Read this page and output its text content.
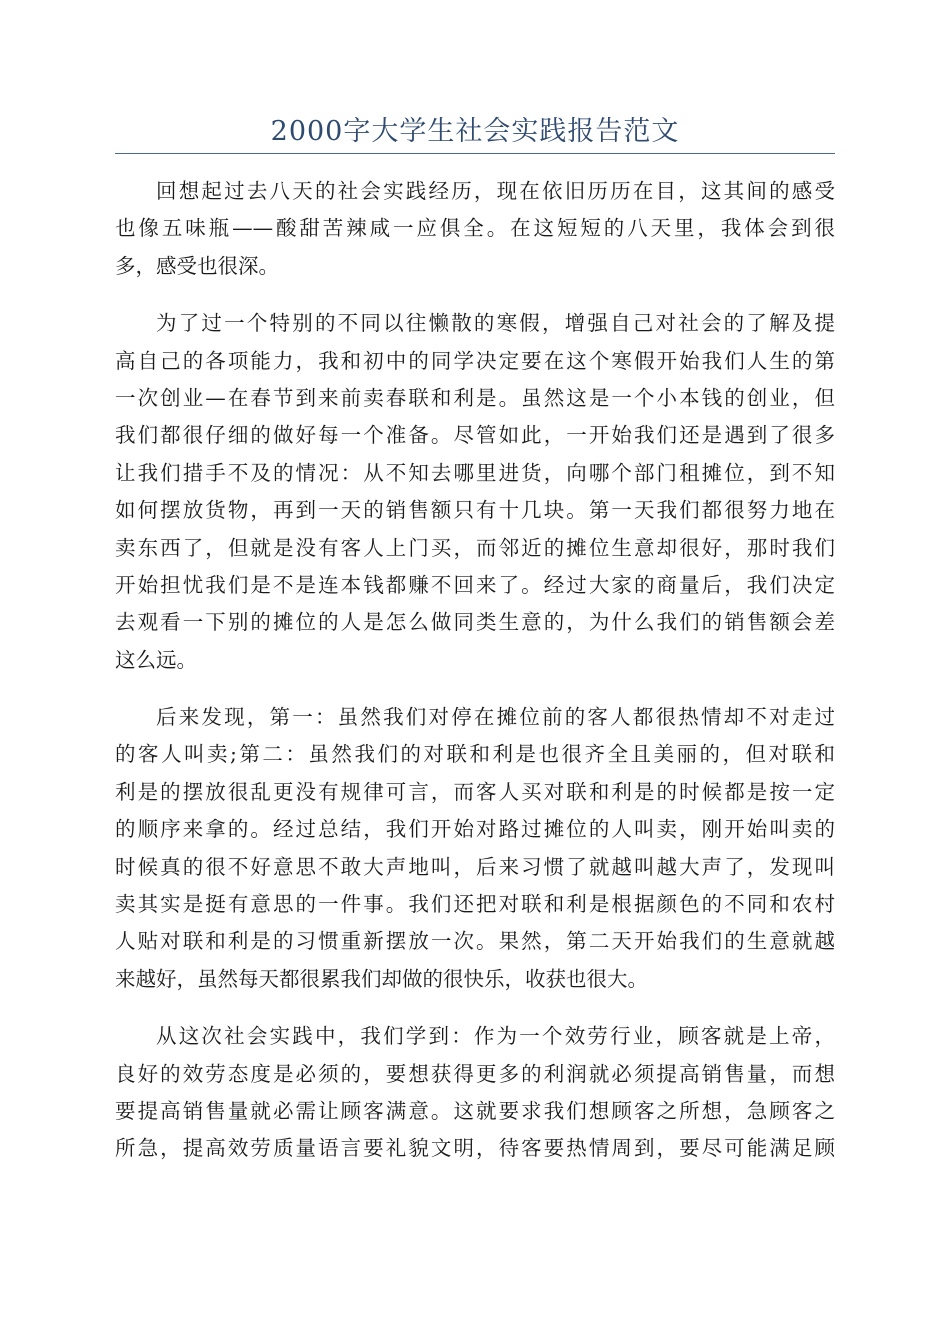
2000字大学生社会实践报告范文
回想起过去八天的社会实践经历，现在依旧历历在目，这其间的感受
也像五味瓶——酸甜苦辣咸一应俱全。在这短短的八天里，我体会到很
多，感受也很深。
为了过一个特别的不同以往懒散的寒假，增强自己对社会的了解及提
高自己的各项能力，我和初中的同学决定要在这个寒假开始我们人生的第
一次创业—在春节到来前卖春联和利是。虽然这是一个小本钱的创业，但
我们都很仔细的做好每一个准备。尽管如此，一开始我们还是遇到了很多
让我们措手不及的情况：从不知去哪里进货，向哪个部门租摊位，到不知
如何摆放货物，再到一天的销售额只有十几块。第一天我们都很努力地在
卖东西了，但就是没有客人上门买，而邻近的摊位生意却很好，那时我们
开始担忧我们是不是连本钱都赚不回来了。经过大家的商量后，我们决定
去观看一下别的摊位的人是怎么做同类生意的，为什么我们的销售额会差
这么远。
后来发现，第一：虽然我们对停在摊位前的客人都很热情却不对走过
的客人叫卖;第二：虽然我们的对联和利是也很齐全且美丽的，但对联和
利是的摆放很乱更没有规律可言，而客人买对联和利是的时候都是按一定
的顺序来拿的。经过总结，我们开始对路过摊位的人叫卖，刚开始叫卖的
时候真的很不好意思不敢大声地叫，后来习惯了就越叫越大声了，发现叫
卖其实是挺有意思的一件事。我们还把对联和利是根据颜色的不同和农村
人贴对联和利是的习惯重新摆放一次。果然，第二天开始我们的生意就越
来越好，虽然每天都很累我们却做的很快乐，收获也很大。
从这次社会实践中，我们学到：作为一个效劳行业，顾客就是上帝，
良好的效劳态度是必须的，要想获得更多的利润就必须提高销售量，而想
要提高销售量就必需让顾客满意。这就要求我们想顾客之所想，急顾客之
所急，提高效劳质量语言要礼貌文明，待客要热情周到，要尽可能满足顾
